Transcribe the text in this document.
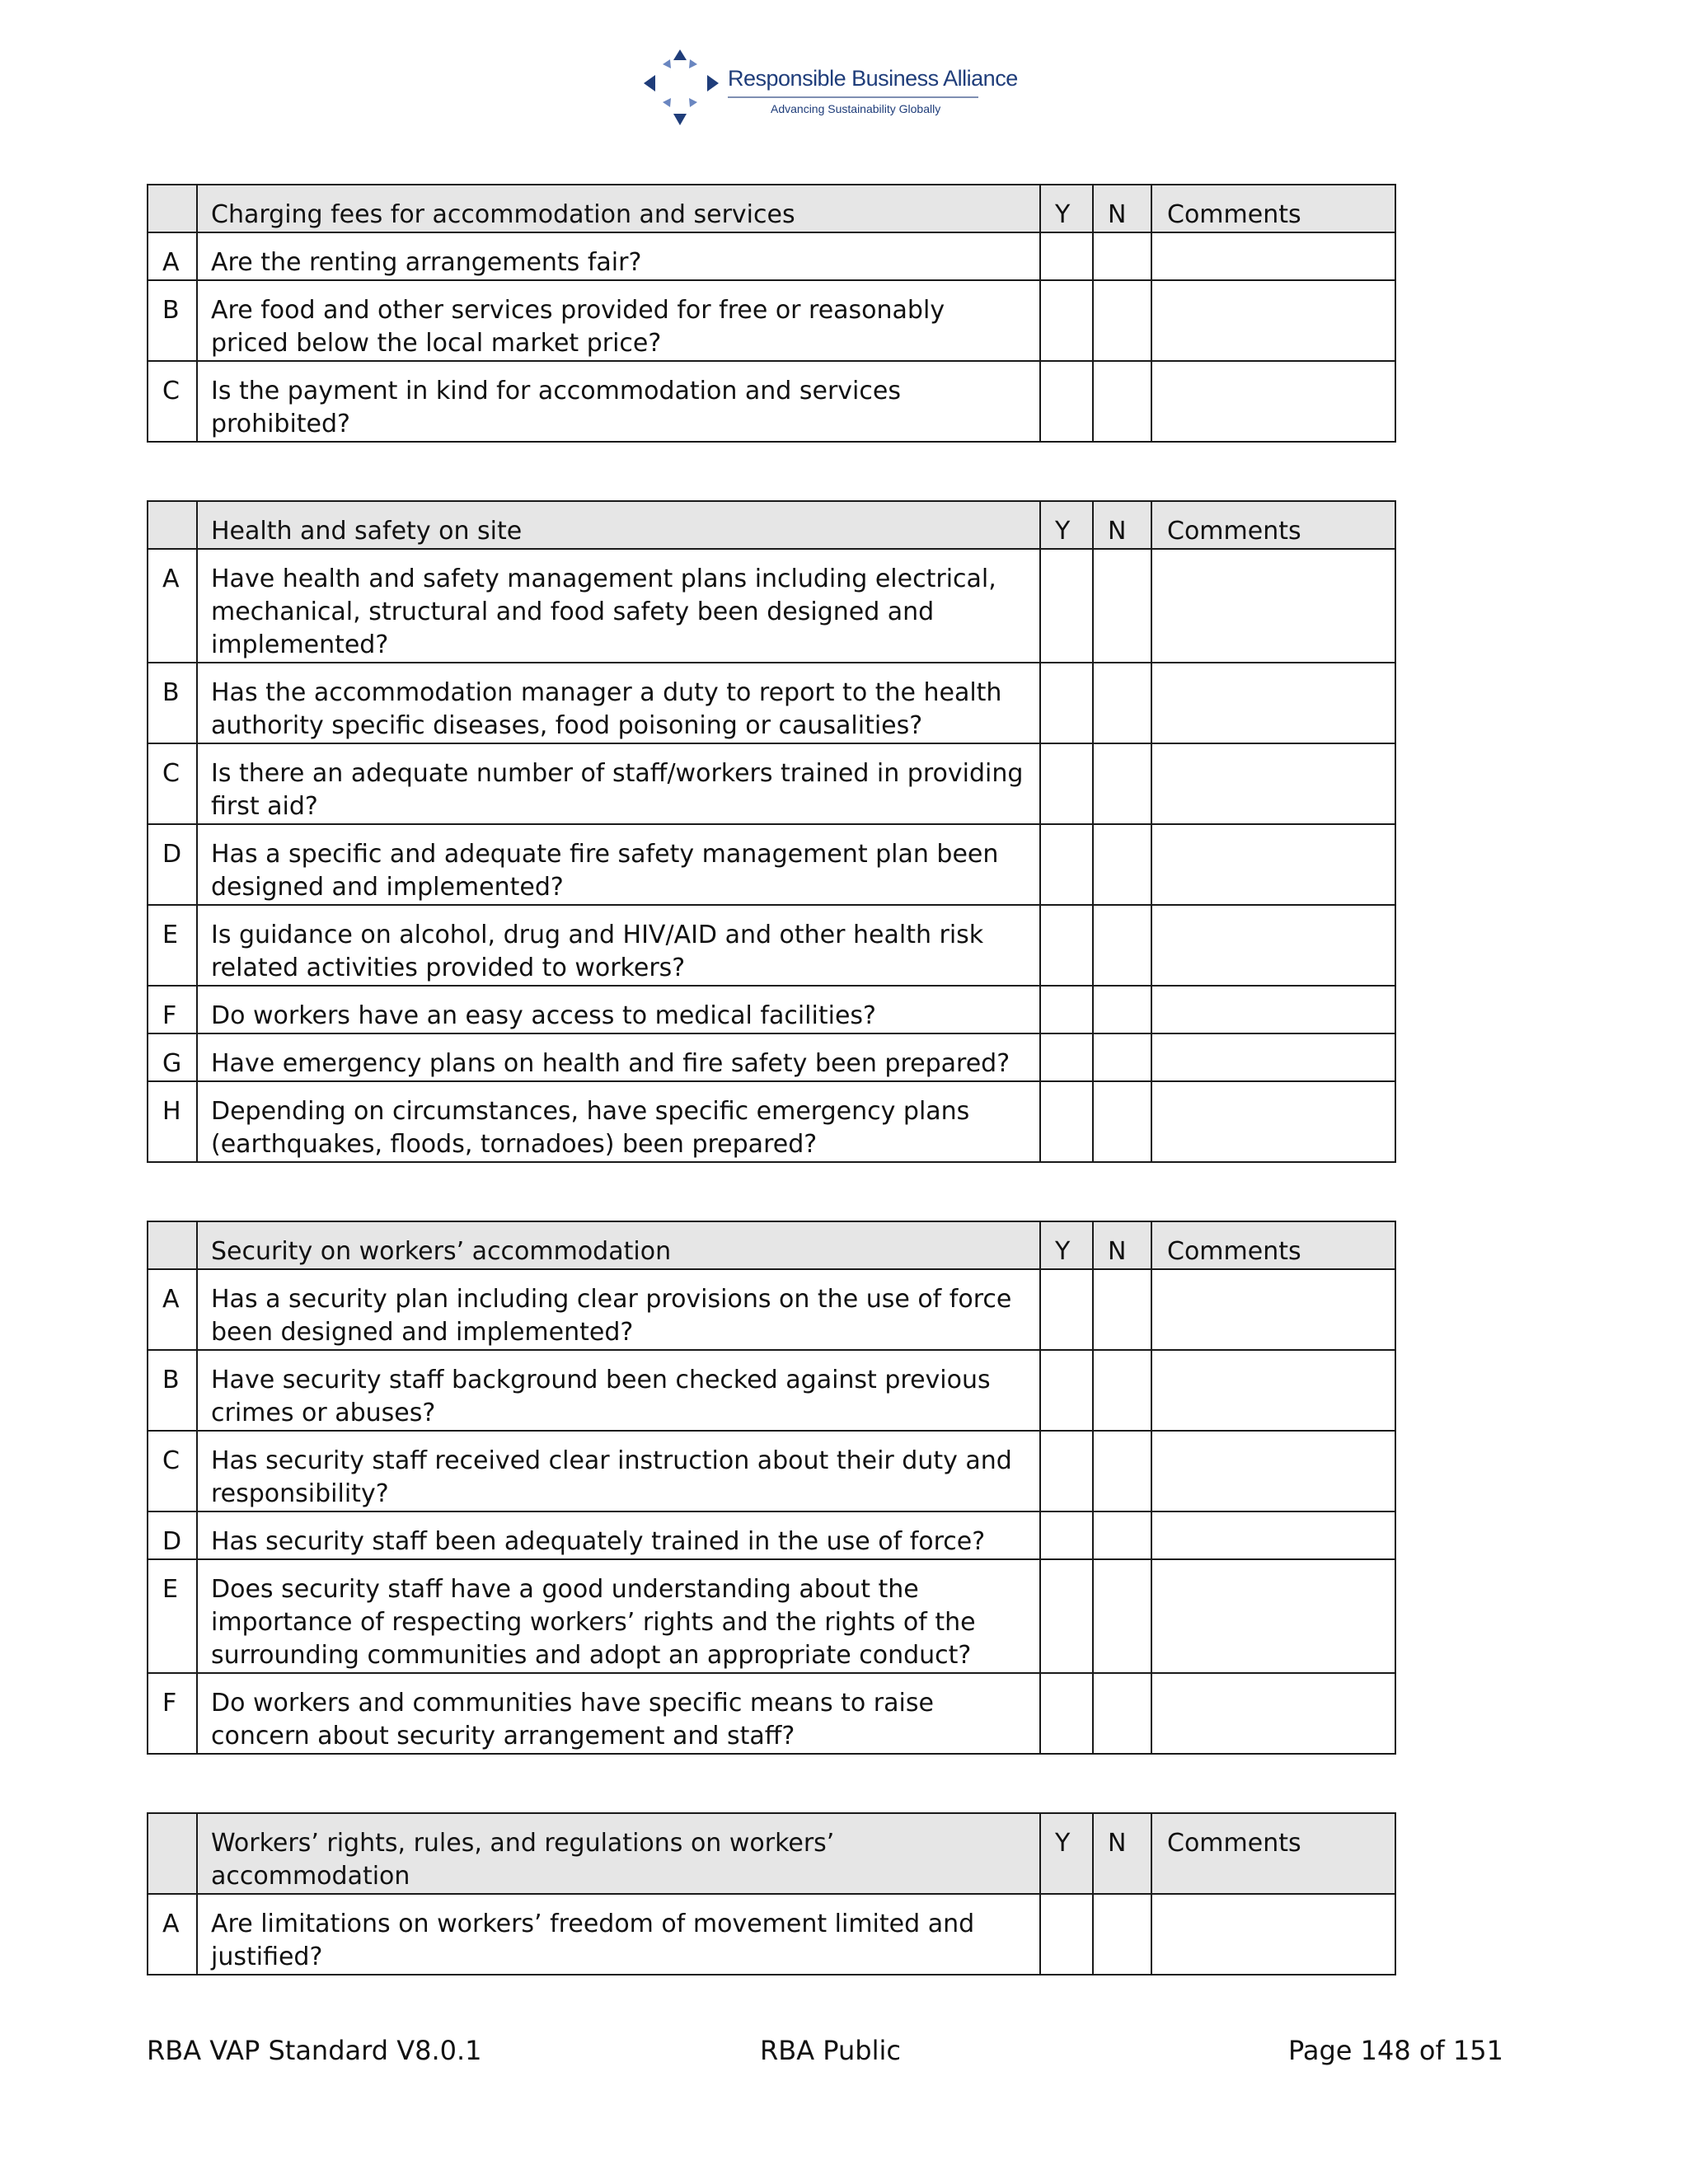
Responsible Business Alliance
Advancing Sustainability Globally
	Charging fees for accommodation and services	Y	N	Comments
A	Are the renting arrangements fair?			
B	Are food and other services provided for free or reasonably priced below the local market price?			
C	Is the payment in kind for accommodation and services prohibited?			
	Health and safety on site	Y	N	Comments
A	Have health and safety management plans including electrical, mechanical, structural and food safety been designed and implemented?			
B	Has the accommodation manager a duty to report to the health authority specific diseases, food poisoning or causalities?			
C	Is there an adequate number of staff/workers trained in providing first aid?			
D	Has a specific and adequate fire safety management plan been designed and implemented?			
E	Is guidance on alcohol, drug and HIV/AID and other health risk related activities provided to workers?			
F	Do workers have an easy access to medical facilities?			
G	Have emergency plans on health and fire safety been prepared?			
H	Depending on circumstances, have specific emergency plans (earthquakes, floods, tornadoes) been prepared?			
	Security on workers’ accommodation	Y	N	Comments
A	Has a security plan including clear provisions on the use of force been designed and implemented?			
B	Have security staff background been checked against previous crimes or abuses?			
C	Has security staff received clear instruction about their duty and responsibility?			
D	Has security staff been adequately trained in the use of force?			
E	Does security staff have a good understanding about the importance of respecting workers’ rights and the rights of the surrounding communities and adopt an appropriate conduct?			
F	Do workers and communities have specific means to raise concern about security arrangement and staff?			
	Workers’ rights, rules, and regulations on workers’ accommodation	Y	N	Comments
A	Are limitations on workers’ freedom of movement limited and justified?			
RBA VAP Standard V8.0.1	RBA Public	Page 148 of 151
